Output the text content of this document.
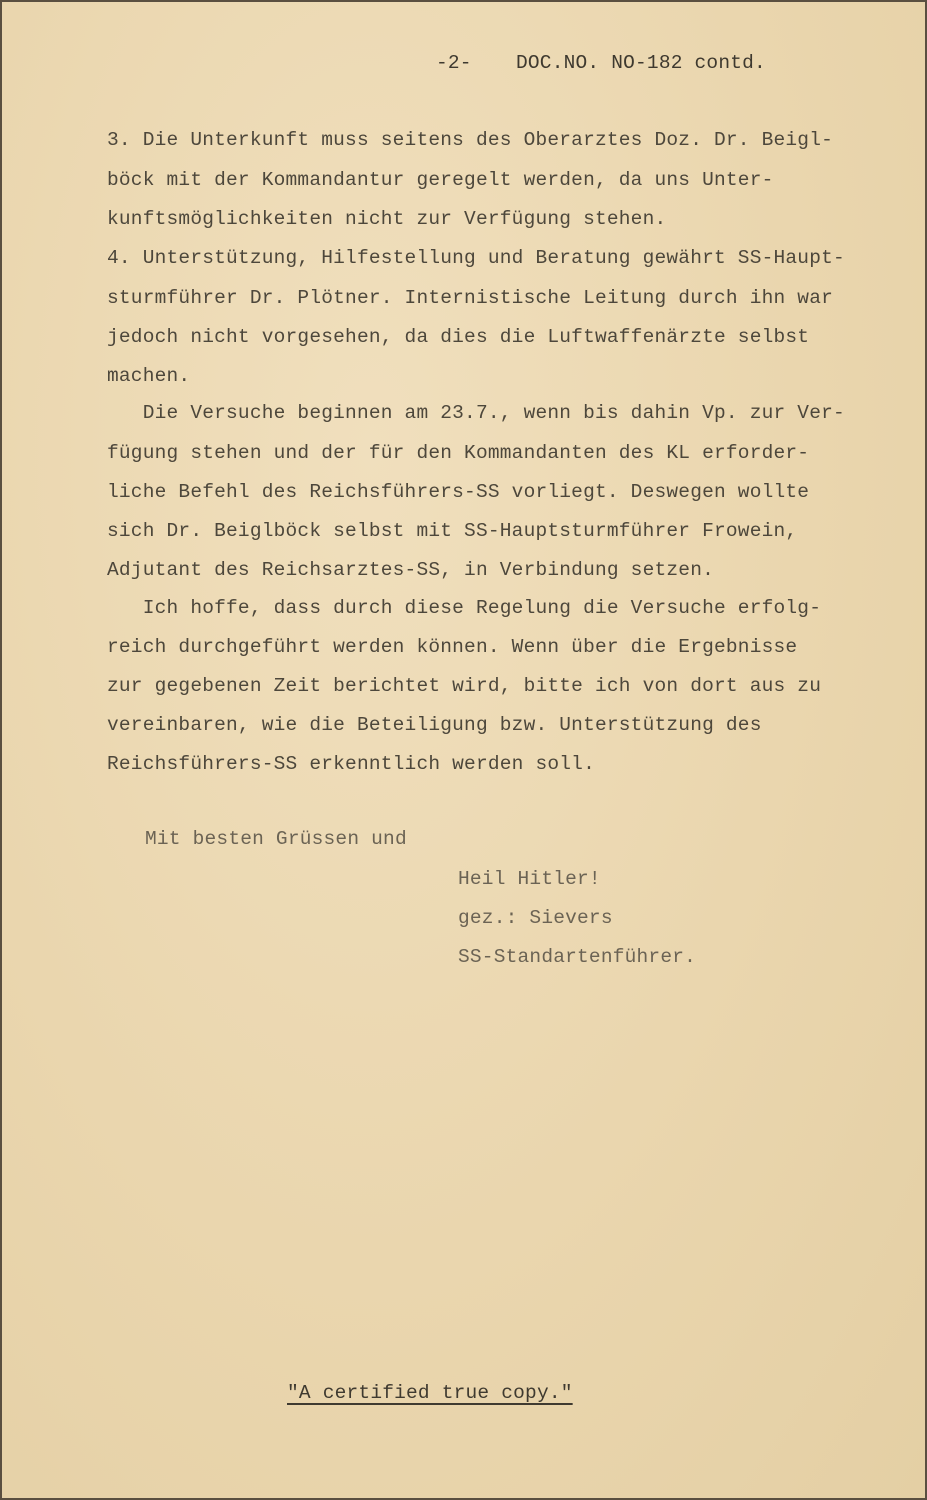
-2- DOC.NO. NO-182 contd.
3. Die Unterkunft muss seitens des Oberarztes Doz. Dr. Beigl-
böck mit der Kommandantur geregelt werden, da uns Unter-
kunftsmöglichkeiten nicht zur Verfügung stehen.
4. Unterstützung, Hilfestellung und Beratung gewährt SS-Haupt-
sturmführer Dr. Plötner. Internistische Leitung durch ihn war
jedoch nicht vorgesehen, da dies die Luftwaffenärzte selbst
machen.
Die Versuche beginnen am 23.7., wenn bis dahin Vp. zur Ver-
fügung stehen und der für den Kommandanten des KL erforder-
liche Befehl des Reichsführers-SS vorliegt. Deswegen wollte
sich Dr. Beiglböck selbst mit SS-Hauptsturmführer Frowein,
Adjutant des Reichsarztes-SS, in Verbindung setzen.
Ich hoffe, dass durch diese Regelung die Versuche erfolg-
reich durchgeführt werden können. Wenn über die Ergebnisse
zur gegebenen Zeit berichtet wird, bitte ich von dort aus zu
vereinbaren, wie die Beteiligung bzw. Unterstützung des
Reichsführers-SS erkenntlich werden soll.
Mit besten Grüssen und
Heil Hitler!
gez.: Sievers
SS-Standartenführer.
"A certified true copy."
